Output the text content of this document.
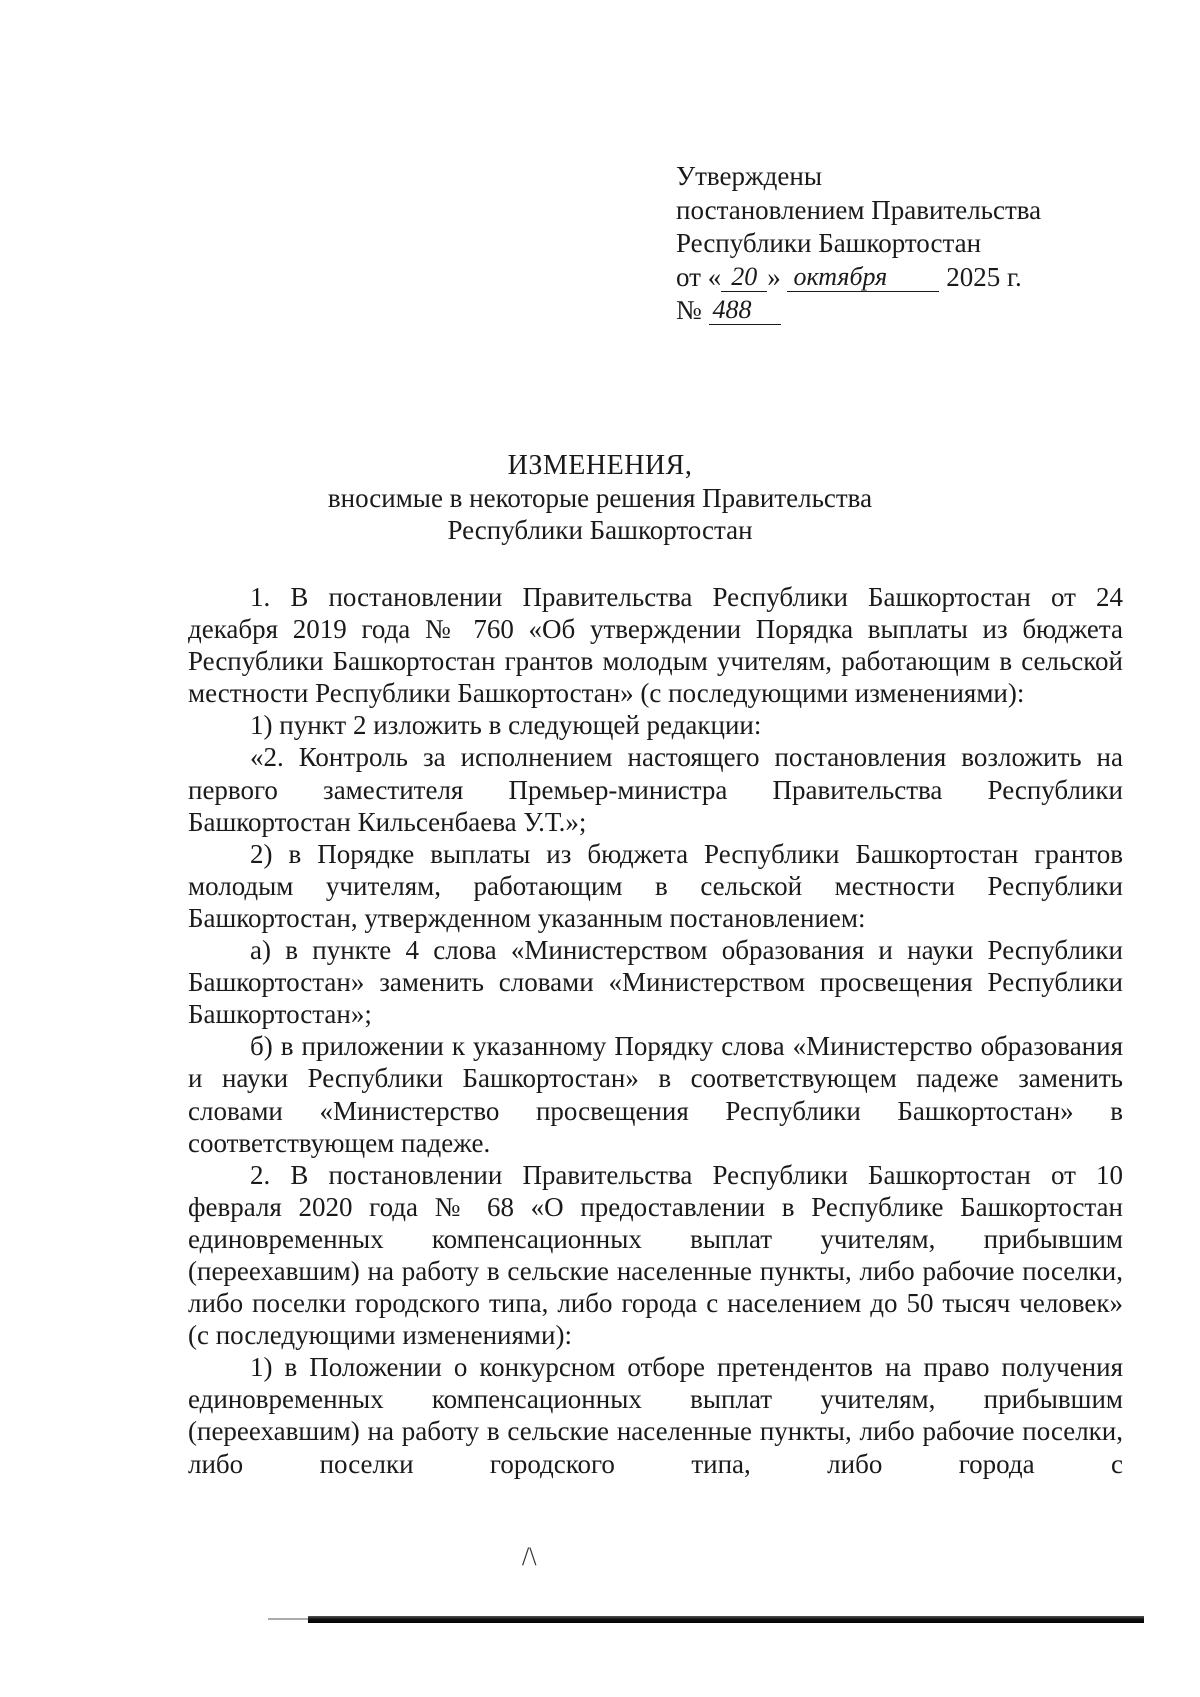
Утверждены
постановлением Правительства
Республики Башкортостан
от « 20 » октября 2025 г.
№ 488
ИЗМЕНЕНИЯ,
вносимые в некоторые решения Правительства
Республики Башкортостан

1. В постановлении Правительства Республики Башкортостан от 24 декабря 2019 года № 760 «Об утверждении Порядка выплаты из бюджета Республики Башкортостан грантов молодым учителям, работающим в сельской местности Республики Башкортостан» (с последующими изменениями):

1) пункт 2 изложить в следующей редакции:

«2. Контроль за исполнением настоящего постановления возложить на первого заместителя Премьер-министра Правительства Республики Башкортостан Кильсенбаева У.Т.»;

2) в Порядке выплаты из бюджета Республики Башкортостан грантов молодым учителям, работающим в сельской местности Республики Башкортостан, утвержденном указанным постановлением:

а) в пункте 4 слова «Министерством образования и науки Республики Башкортостан» заменить словами «Министерством просвещения Республики Башкортостан»;

б) в приложении к указанному Порядку слова «Министерство образования и науки Республики Башкортостан» в соответствующем падеже заменить словами «Министерство просвещения Республики Башкортостан» в соответствующем падеже.

2. В постановлении Правительства Республики Башкортостан от 10 февраля 2020 года № 68 «О предоставлении в Республике Башкортостан единовременных компенсационных выплат учителям, прибывшим (переехавшим) на работу в сельские населенные пункты, либо рабочие поселки, либо поселки городского типа, либо города с населением до 50 тысяч человек» (с последующими изменениями):

1) в Положении о конкурсном отборе претендентов на право получения единовременных компенсационных выплат учителям, прибывшим (переехавшим) на работу в сельские населенные пункты, либо рабочие поселки, либо поселки городского типа, либо города с

/\
